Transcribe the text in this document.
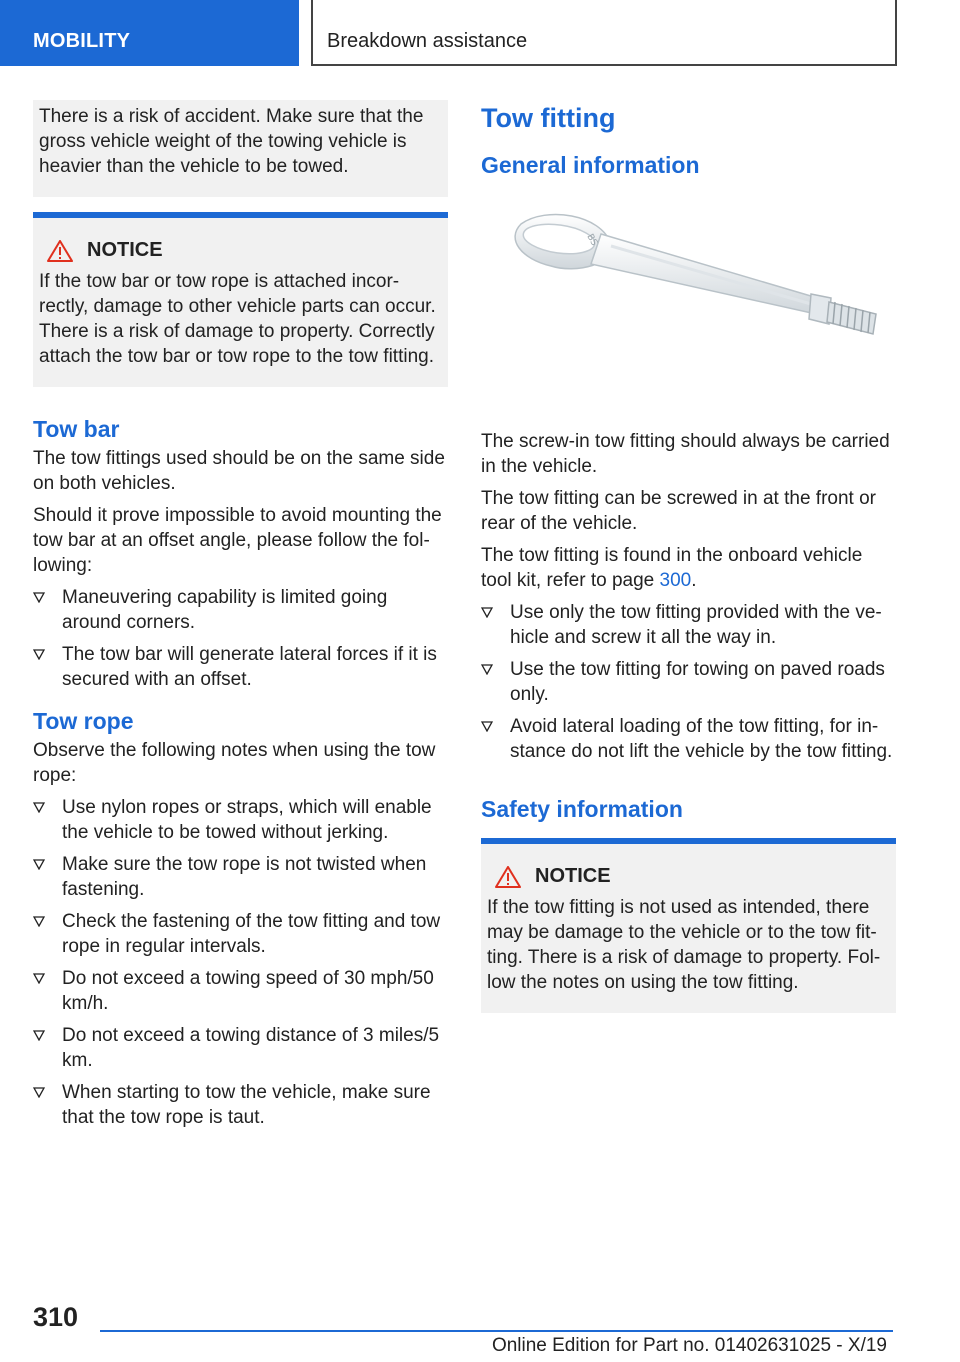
MOBILITY	Breakdown assistance

There is a risk of accident. Make sure that the gross vehicle weight of the towing vehicle is heavier than the vehicle to be towed.

NOTICE

If the tow bar or tow rope is attached incorrectly, damage to other vehicle parts can occur. There is a risk of damage to property. Correctly attach the tow bar or tow rope to the tow fitting.

Tow bar

The tow fittings used should be on the same side on both vehicles.

Should it prove impossible to avoid mounting the tow bar at an offset angle, please follow the following:

Maneuvering capability is limited going around corners.
The tow bar will generate lateral forces if it is secured with an offset.
Tow rope

Observe the following notes when using the tow rope:

Use nylon ropes or straps, which will enable the vehicle to be towed without jerking.
Make sure the tow rope is not twisted when fastening.
Check the fastening of the tow fitting and tow rope in regular intervals.
Do not exceed a towing speed of 30 mph/50 km/h.
Do not exceed a towing distance of 3 miles/5 km.
When starting to tow the vehicle, make sure that the tow rope is taut.
Tow fitting
General information
BS

The screw-in tow fitting should always be carried in the vehicle.

The tow fitting can be screwed in at the front or rear of the vehicle.

The tow fitting is found in the onboard vehicle tool kit, refer to page 300.

Use only the tow fitting provided with the vehicle and screw it all the way in.
Use the tow fitting for towing on paved roads only.
Avoid lateral loading of the tow fitting, for instance do not lift the vehicle by the tow fitting.
Safety information
NOTICE

If the tow fitting is not used as intended, there may be damage to the vehicle or to the tow fitting. There is a risk of damage to property. Follow the notes on using the tow fitting.

310
Online Edition for Part no. 01402631025 - X/19
